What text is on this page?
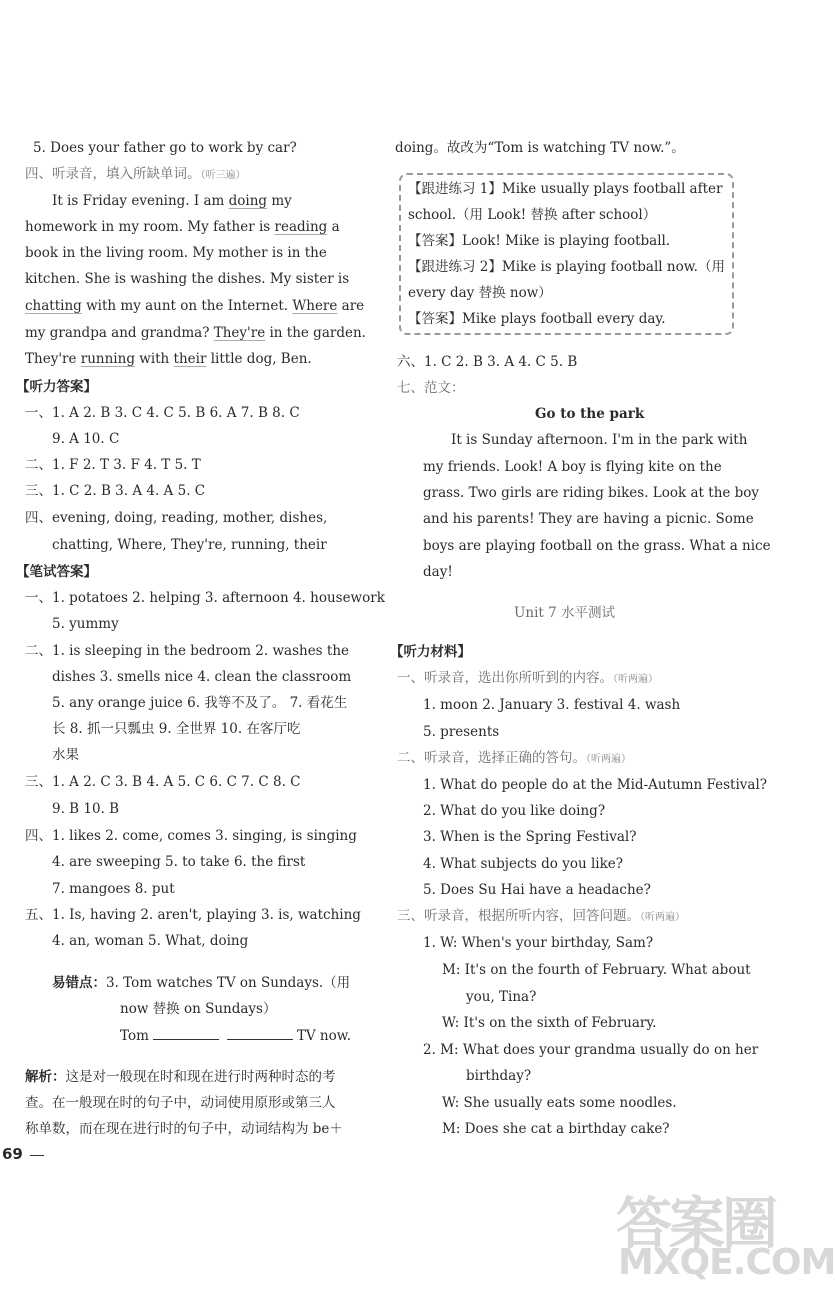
5. Does your father go to work by car?
四、听录音，填入所缺单词。（听三遍）
It is Friday evening. I am doing my
homework in my room. My father is reading a
book in the living room. My mother is in the
kitchen. She is washing the dishes. My sister is
chatting with my aunt on the Internet. Where are
my grandpa and grandma? They're in the garden.
They're running with their little dog, Ben.
【听力答案】
一、1. A 2. B 3. C 4. C 5. B 6. A 7. B 8. C
9. A 10. C
二、1. F 2. T 3. F 4. T 5. T
三、1. C 2. B 3. A 4. A 5. C
四、evening, doing, reading, mother, dishes,
chatting, Where, They're, running, their
【笔试答案】
一、1. potatoes 2. helping 3. afternoon 4. housework
5. yummy
二、1. is sleeping in the bedroom 2. washes the
dishes 3. smells nice 4. clean the classroom
5. any orange juice 6. 我等不及了。 7. 看花生
长 8. 抓一只瓢虫 9. 全世界 10. 在客厅吃
水果
三、1. A 2. C 3. B 4. A 5. C 6. C 7. C 8. C
9. B 10. B
四、1. likes 2. come, comes 3. singing, is singing
4. are sweeping 5. to take 6. the first
7. mangoes 8. put
五、1. Is, having 2. aren't, playing 3. is, watching
4. an, woman 5. What, doing
易错点：3. Tom watches TV on Sundays.（用
now 替换 on Sundays）
Tom	TV now.
解析：这是对一般现在时和现在进行时两种时态的考
查。在一般现在时的句子中，动词使用原形或第三人
称单数，而在现在进行时的句子中，动词结构为 be＋
69
doing。故改为“Tom is watching TV now.”。
【跟进练习 1】Mike usually plays football after
school.（用 Look! 替换 after school）
【答案】Look! Mike is playing football.
【跟进练习 2】Mike is playing football now.（用
every day 替换 now）
【答案】Mike plays football every day.
六、1. C 2. B 3. A 4. C 5. B
七、范文：
Go to the park
It is Sunday afternoon. I'm in the park with
my friends. Look! A boy is flying kite on the
grass. Two girls are riding bikes. Look at the boy
and his parents! They are having a picnic. Some
boys are playing football on the grass. What a nice
day!
Unit 7 水平测试
【听力材料】
一、听录音，选出你所听到的内容。（听两遍）
1. moon 2. January 3. festival 4. wash
5. presents
二、听录音，选择正确的答句。（听两遍）
1. What do people do at the Mid-Autumn Festival?
2. What do you like doing?
3. When is the Spring Festival?
4. What subjects do you like?
5. Does Su Hai have a headache?
三、听录音，根据所听内容，回答问题。（听两遍）
1. W: When's your birthday, Sam?
M: It's on the fourth of February. What about
you, Tina?
W: It's on the sixth of February.
2. M: What does your grandma usually do on her
birthday?
W: She usually eats some noodles.
M: Does she cat a birthday cake?
答案圈
MXQE.COM
